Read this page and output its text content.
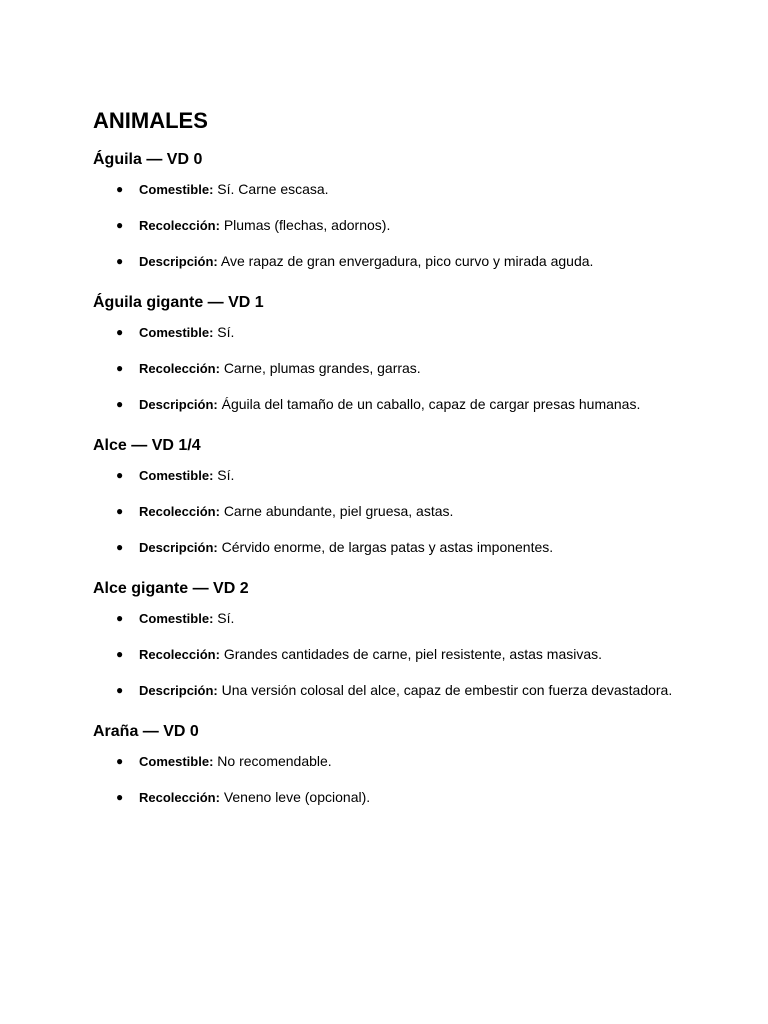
ANIMALES
Águila — VD 0
● Comestible: Sí. Carne escasa.
● Recolección: Plumas (flechas, adornos).
● Descripción: Ave rapaz de gran envergadura, pico curvo y mirada aguda.
Águila gigante — VD 1
● Comestible: Sí.
● Recolección: Carne, plumas grandes, garras.
● Descripción: Águila del tamaño de un caballo, capaz de cargar presas humanas.
Alce — VD 1/4
● Comestible: Sí.
● Recolección: Carne abundante, piel gruesa, astas.
● Descripción: Cérvido enorme, de largas patas y astas imponentes.
Alce gigante — VD 2
● Comestible: Sí.
● Recolección: Grandes cantidades de carne, piel resistente, astas masivas.
● Descripción: Una versión colosal del alce, capaz de embestir con fuerza devastadora.
Araña — VD 0
● Comestible: No recomendable.
● Recolección: Veneno leve (opcional).
